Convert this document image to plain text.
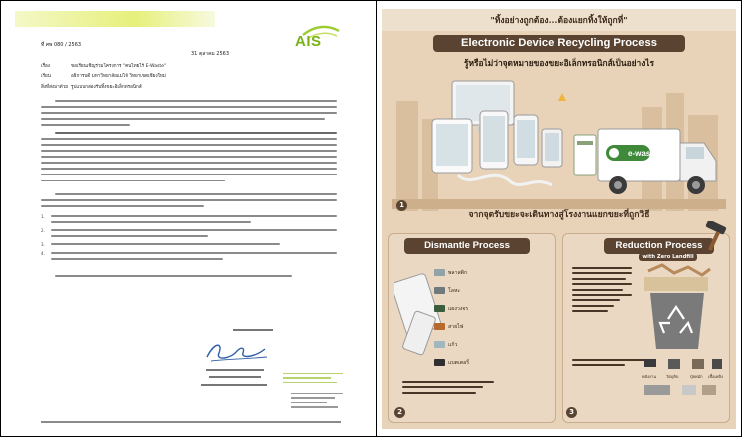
AIS
ที่ ศพ 080 / 2563
31 ตุลาคม 2563
เรื่อง	ขอเรียนเชิญร่วมโครงการ "คนไทยไร้ E-Waste"
เรียน	อธิการบดี มหาวิทยาลัยแม่โจ้ วิทยาเขตเชียงใหม่
สิ่งที่ส่งมาด้วย รูปแบบกล่องรับทิ้งขยะอิเล็กทรอนิกส์
1.
2.
3.
4.
"ทิ้งอย่างถูกต้อง...ต้องแยกทิ้งให้ถูกที่"
Electronic Device Recycling Process
รู้หรือไม่ว่าจุดหมายของขยะอิเล็กทรอนิกส์เป็นอย่างไร
e-waste
1
จากจุดรับขยะจะเดินทางสู่โรงงานแยกขยะที่ถูกวิธี
Dismantle Process
พลาสติก
โลหะ
แผงวงจร
สายไฟ
แก้ว
แบตเตอรี่
2
Reduction Process
with Zero Landfill
พลังงาน	วัตถุดิบ	ปุ๋ยหมัก เชื้อเพลิง
3
